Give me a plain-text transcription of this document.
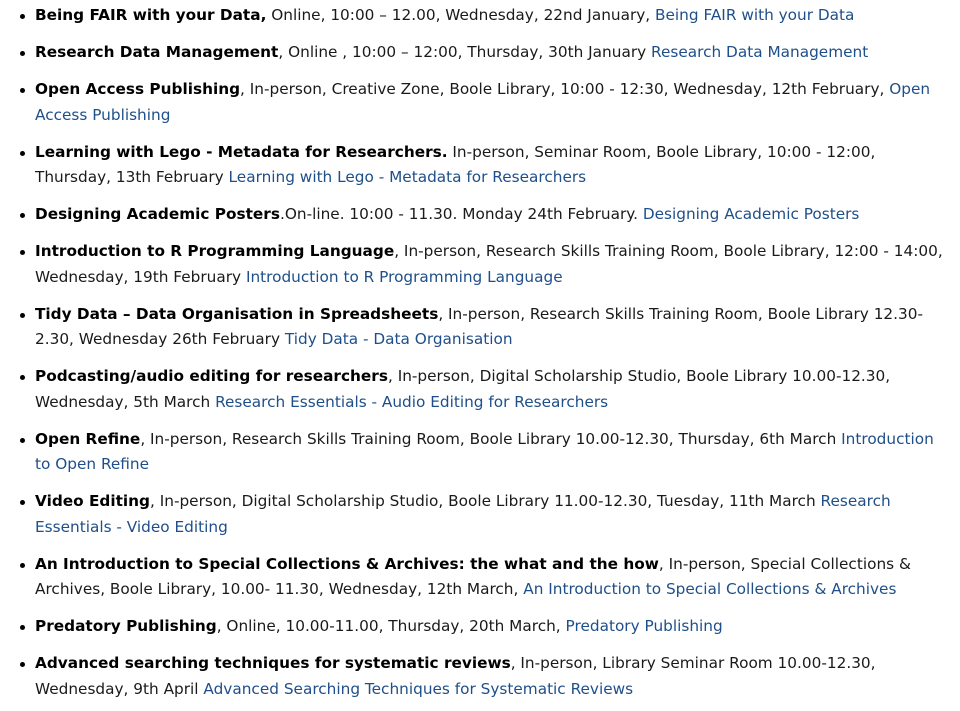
Being FAIR with your Data, Online, 10:00 – 12.00, Wednesday, 22nd January, Being FAIR with your Data
Research Data Management, Online , 10:00 – 12:00, Thursday, 30th January Research Data Management
Open Access Publishing, In-person, Creative Zone, Boole Library, 10:00 - 12:30, Wednesday, 12th February, Open Access Publishing
Learning with Lego - Metadata for Researchers. In-person, Seminar Room, Boole Library, 10:00 - 12:00, Thursday, 13th February Learning with Lego - Metadata for Researchers
Designing Academic Posters.On-line. 10:00 - 11.30. Monday 24th February. Designing Academic Posters
Introduction to R Programming Language, In-person, Research Skills Training Room, Boole Library, 12:00 - 14:00, Wednesday, 19th February Introduction to R Programming Language
Tidy Data – Data Organisation in Spreadsheets, In-person, Research Skills Training Room, Boole Library 12.30-2.30, Wednesday 26th February Tidy Data - Data Organisation
Podcasting/audio editing for researchers, In-person, Digital Scholarship Studio, Boole Library 10.00-12.30, Wednesday, 5th March Research Essentials - Audio Editing for Researchers
Open Refine, In-person, Research Skills Training Room, Boole Library 10.00-12.30, Thursday, 6th March Introduction to Open Refine
Video Editing, In-person, Digital Scholarship Studio, Boole Library 11.00-12.30, Tuesday, 11th March Research Essentials - Video Editing
An Introduction to Special Collections & Archives: the what and the how, In-person, Special Collections & Archives, Boole Library, 10.00- 11.30, Wednesday, 12th March, An Introduction to Special Collections & Archives
Predatory Publishing, Online, 10.00-11.00, Thursday, 20th March, Predatory Publishing
Advanced searching techniques for systematic reviews, In-person, Library Seminar Room 10.00-12.30, Wednesday, 9th April Advanced Searching Techniques for Systematic Reviews
